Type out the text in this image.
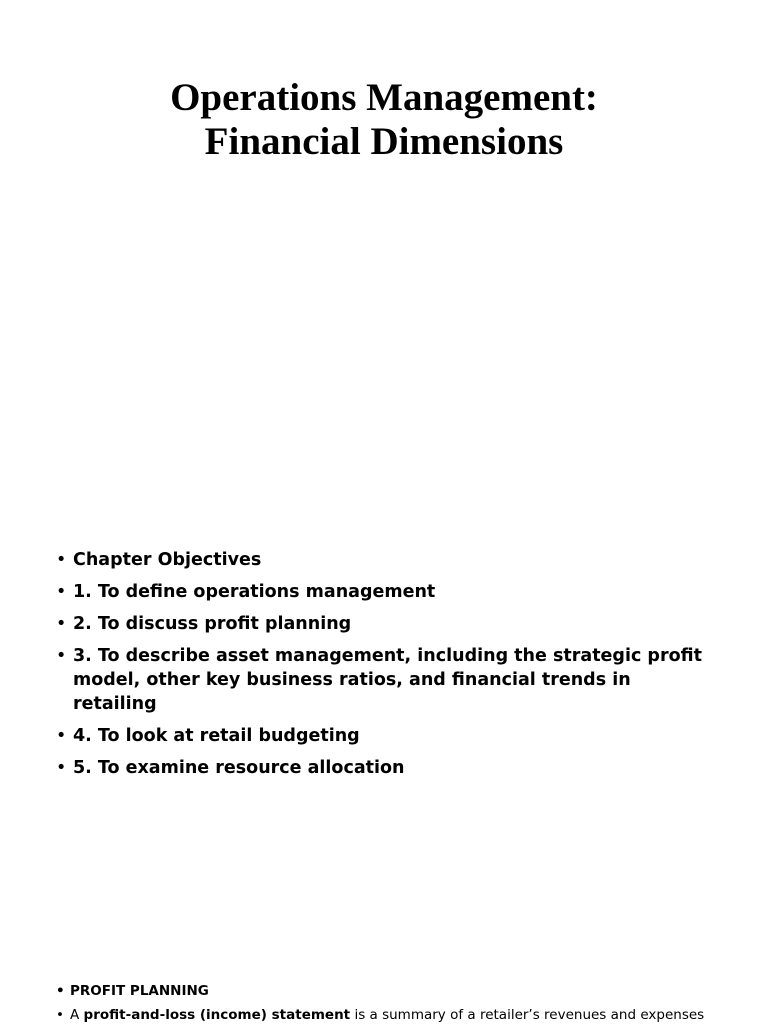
Operations Management:
Financial Dimensions
• Chapter Objectives
• 1. To define operations management
• 2. To discuss profit planning
• 3. To describe asset management, including the strategic profit model, other key business ratios, and financial trends in retailing
• 4. To look at retail budgeting
• 5. To examine resource allocation
• PROFIT PLANNING
• A profit-and-loss (income) statement is a summary of a retailer’s revenues and expenses
